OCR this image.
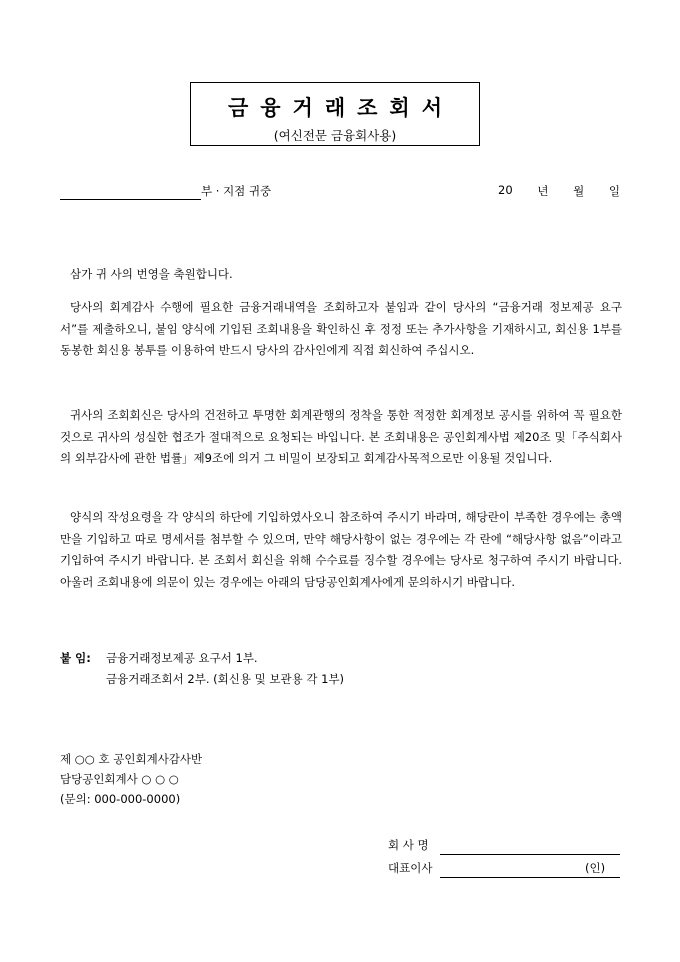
금융거래조회서
(여신전문 금융회사용)
부 · 지점 귀중	20 년 월 일
삼가 귀 사의 번영을 축원합니다.
당사의 회계감사 수행에 필요한 금융거래내역을 조회하고자 붙임과 같이 당사의 “금융거래 정보제공 요구서”를 제출하오니, 붙임 양식에 기입된 조회내용을 확인하신 후 정정 또는 추가사항을 기재하시고, 회신용 1부를 동봉한 회신용 봉투를 이용하여 반드시 당사의 감사인에게 직접 회신하여 주십시오.
귀사의 조회회신은 당사의 건전하고 투명한 회계관행의 정착을 통한 적정한 회계정보 공시를 위하여 꼭 필요한 것으로 귀사의 성실한 협조가 절대적으로 요청되는 바입니다. 본 조회내용은 공인회계사법 제20조 및「주식회사의 외부감사에 관한 법률」제9조에 의거 그 비밀이 보장되고 회계감사목적으로만 이용될 것입니다.
양식의 작성요령을 각 양식의 하단에 기입하였사오니 참조하여 주시기 바라며, 해당란이 부족한 경우에는 총액만을 기입하고 따로 명세서를 첨부할 수 있으며, 만약 해당사항이 없는 경우에는 각 란에 “해당사항 없음”이라고 기입하여 주시기 바랍니다. 본 조회서 회신을 위해 수수료를 징수할 경우에는 당사로 청구하여 주시기 바랍니다. 아울러 조회내용에 의문이 있는 경우에는 아래의 담당공인회계사에게 문의하시기 바랍니다.
붙 임: 금융거래정보제공 요구서 1부.
금융거래조회서 2부. (회신용 및 보관용 각 1부)
제 ○○ 호 공인회계사감사반
담당공인회계사 ○ ○ ○
(문의: 000-000-0000)
회 사 명
대표이사	(인)
